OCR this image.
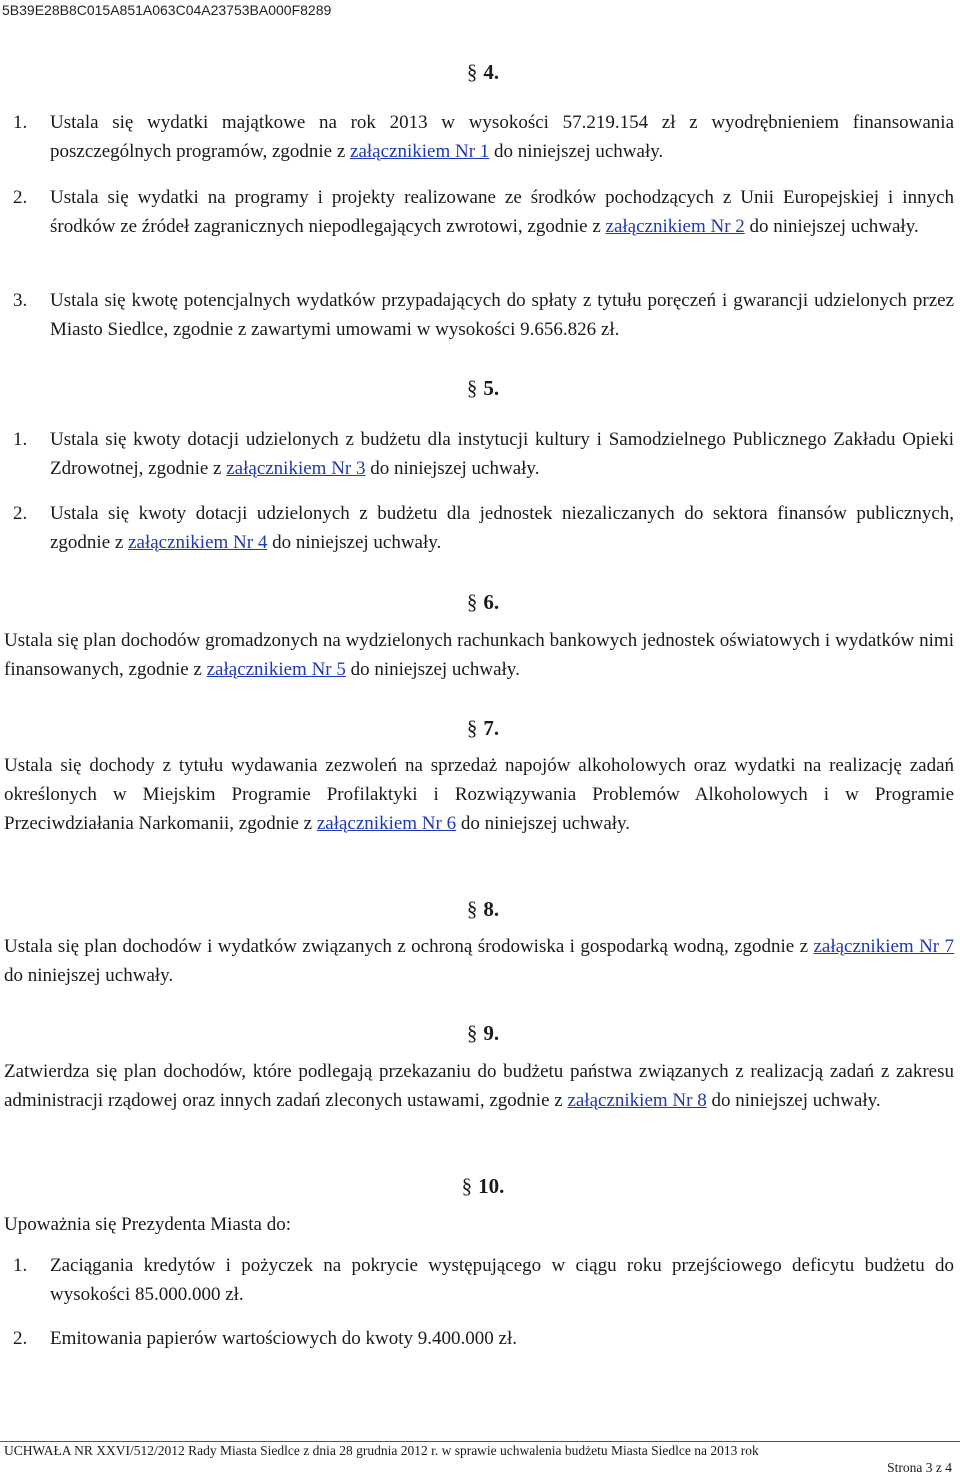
5B39E28B8C015A851A063C04A23753BA000F8289
§ 4.
1.	Ustala się wydatki majątkowe na rok 2013 w wysokości 57.219.154 zł z wyodrębnieniem finansowania poszczególnych programów, zgodnie z załącznikiem Nr 1 do niniejszej uchwały.
2.	Ustala się wydatki na programy i projekty realizowane ze środków pochodzących z Unii Europejskiej i innych środków ze źródeł zagranicznych niepodlegających zwrotowi, zgodnie z załącznikiem Nr 2 do niniejszej uchwały.
3.	Ustala się kwotę potencjalnych wydatków przypadających do spłaty z tytułu poręczeń i gwarancji udzielonych przez Miasto Siedlce, zgodnie z zawartymi umowami w wysokości 9.656.826 zł.
§ 5.
1.	Ustala się kwoty dotacji udzielonych z budżetu dla instytucji kultury i Samodzielnego Publicznego Zakładu Opieki Zdrowotnej, zgodnie z załącznikiem Nr 3 do niniejszej uchwały.
2.	Ustala się kwoty dotacji udzielonych z budżetu dla jednostek niezaliczanych do sektora finansów publicznych, zgodnie z załącznikiem Nr 4 do niniejszej uchwały.
§ 6.
Ustala się plan dochodów gromadzonych na wydzielonych rachunkach bankowych jednostek oświatowych i wydatków nimi finansowanych, zgodnie z załącznikiem Nr 5 do niniejszej uchwały.
§ 7.
Ustala się dochody z tytułu wydawania zezwoleń na sprzedaż napojów alkoholowych oraz wydatki na realizację zadań określonych w Miejskim Programie Profilaktyki i Rozwiązywania Problemów Alkoholowych i w Programie Przeciwdziałania Narkomanii, zgodnie z załącznikiem Nr 6 do niniejszej uchwały.
§ 8.
Ustala się plan dochodów i wydatków związanych z ochroną środowiska i gospodarką wodną, zgodnie z załącznikiem Nr 7 do niniejszej uchwały.
§ 9.
Zatwierdza się plan dochodów, które podlegają przekazaniu do budżetu państwa związanych z realizacją zadań z zakresu administracji rządowej oraz innych zadań zleconych ustawami, zgodnie z załącznikiem Nr 8 do niniejszej uchwały.
§ 10.
Upoważnia się Prezydenta Miasta do:
1.	Zaciągania kredytów i pożyczek na pokrycie występującego w ciągu roku przejściowego deficytu budżetu do wysokości 85.000.000 zł.
2.	Emitowania papierów wartościowych do kwoty 9.400.000 zł.
UCHWAŁA NR XXVI/512/2012 Rady Miasta Siedlce z dnia 28 grudnia 2012 r. w sprawie uchwalenia budżetu Miasta Siedlce na 2013 rok
Strona 3 z 4
